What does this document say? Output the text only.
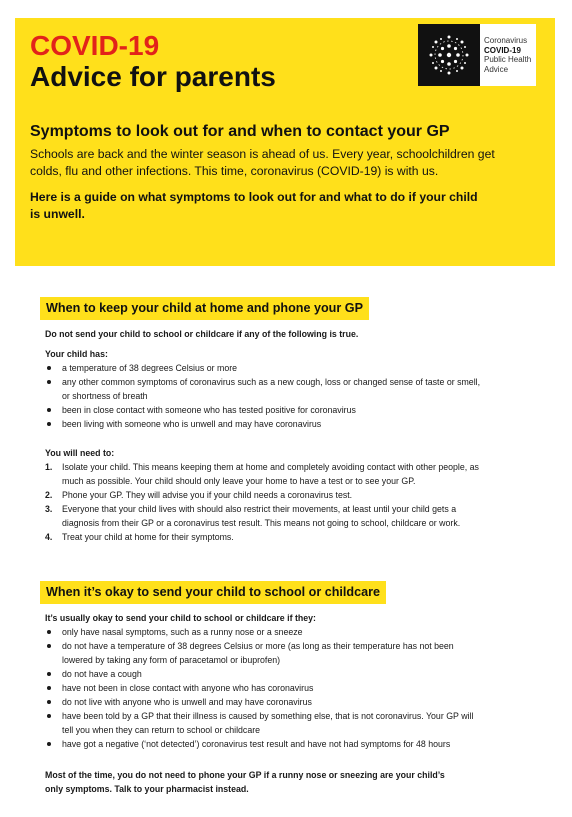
COVID-19
Advice for parents
Coronavirus
COVID-19
Public Health
Advice
Symptoms to look out for and when to contact your GP

Schools are back and the winter season is ahead of us. Every year, schoolchildren get colds, flu and other infections. This time, coronavirus (COVID-19) is with us.

Here is a guide on what symptoms to look out for and what to do if your child is unwell.

When to keep your child at home and phone your GP

Do not send your child to school or childcare if any of the following is true.

Your child has:

a temperature of 38 degrees Celsius or more
any other common symptoms of coronavirus such as a new cough, loss or changed sense of taste or smell, or shortness of breath
been in close contact with someone who has tested positive for coronavirus
been living with someone who is unwell and may have coronavirus

You will need to:

1. Isolate your child. This means keeping them at home and completely avoiding contact with other people, as much as possible. Your child should only leave your home to have a test or to see your GP.
2. Phone your GP. They will advise you if your child needs a coronavirus test.
3. Everyone that your child lives with should also restrict their movements, at least until your child gets a diagnosis from their GP or a coronavirus test result. This means not going to school, childcare or work.
4. Treat your child at home for their symptoms.
When it’s okay to send your child to school or childcare

It’s usually okay to send your child to school or childcare if they:

only have nasal symptoms, such as a runny nose or a sneeze
do not have a temperature of 38 degrees Celsius or more (as long as their temperature has not been lowered by taking any form of paracetamol or ibuprofen)
do not have a cough
have not been in close contact with anyone who has coronavirus
do not live with anyone who is unwell and may have coronavirus
have been told by a GP that their illness is caused by something else, that is not coronavirus. Your GP will tell you when they can return to school or childcare
have got a negative (‘not detected’) coronavirus test result and have not had symptoms for 48 hours

Most of the time, you do not need to phone your GP if a runny nose or sneezing are your child’s only symptoms. Talk to your pharmacist instead.
